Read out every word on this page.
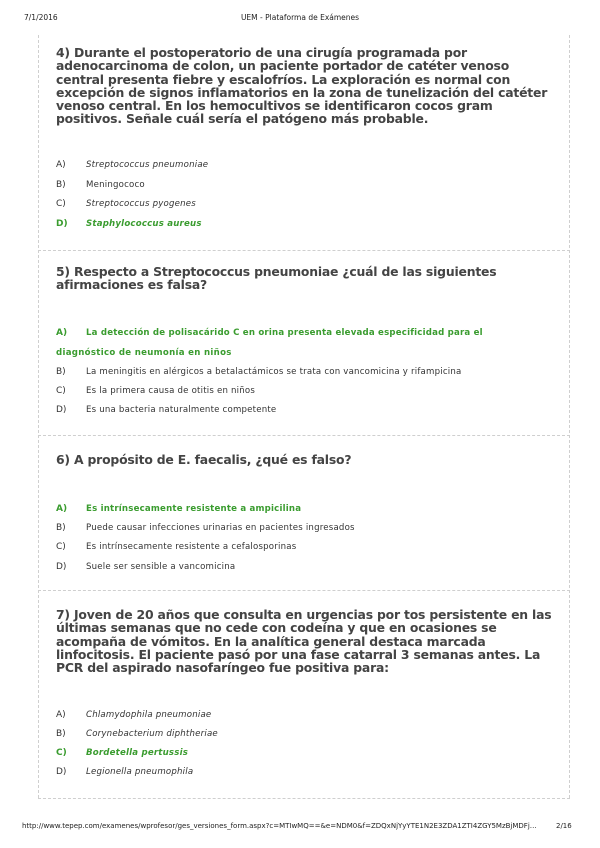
7/1/2016	UEM - Plataforma de Exámenes
4) Durante el postoperatorio de una cirugía programada por adenocarcinoma de colon, un paciente portador de catéter venoso central presenta fiebre y escalofríos. La exploración es normal con excepción de signos inflamatorios en la zona de tunelización del catéter venoso central. En los hemocultivos se identificaron cocos gram positivos. Señale cuál sería el patógeno más probable.
A) Streptococcus pneumoniae
B) Meningococo
C) Streptococcus pyogenes
D) Staphylococcus aureus
5) Respecto a Streptococcus pneumoniae ¿cuál de las siguientes afirmaciones es falsa?
A) La detección de polisacárido C en orina presenta elevada especificidad para el
diagnóstico de neumonía en niños
B) La meningitis en alérgicos a betalactámicos se trata con vancomicina y rifampicina
C) Es la primera causa de otitis en niños
D) Es una bacteria naturalmente competente
6) A propósito de E. faecalis, ¿qué es falso?
A) Es intrínsecamente resistente a ampicilina
B) Puede causar infecciones urinarias en pacientes ingresados
C) Es intrínsecamente resistente a cefalosporinas
D) Suele ser sensible a vancomicina
7) Joven de 20 años que consulta en urgencias por tos persistente en las últimas semanas que no cede con codeína y que en ocasiones se acompaña de vómitos. En la analítica general destaca marcada linfocitosis. El paciente pasó por una fase catarral 3 semanas antes. La PCR del aspirado nasofaríngeo fue positiva para:
A) Chlamydophila pneumoniae
B) Corynebacterium diphtheriae
C) Bordetella pertussis
D) Legionella pneumophila
http://www.tepep.com/examenes/wprofesor/ges_versiones_form.aspx?c=MTIwMQ==&e=NDM0&f=ZDQxNjYyYTE1N2E3ZDA1ZTI4ZGY5MzBjMDFj…	2/16
